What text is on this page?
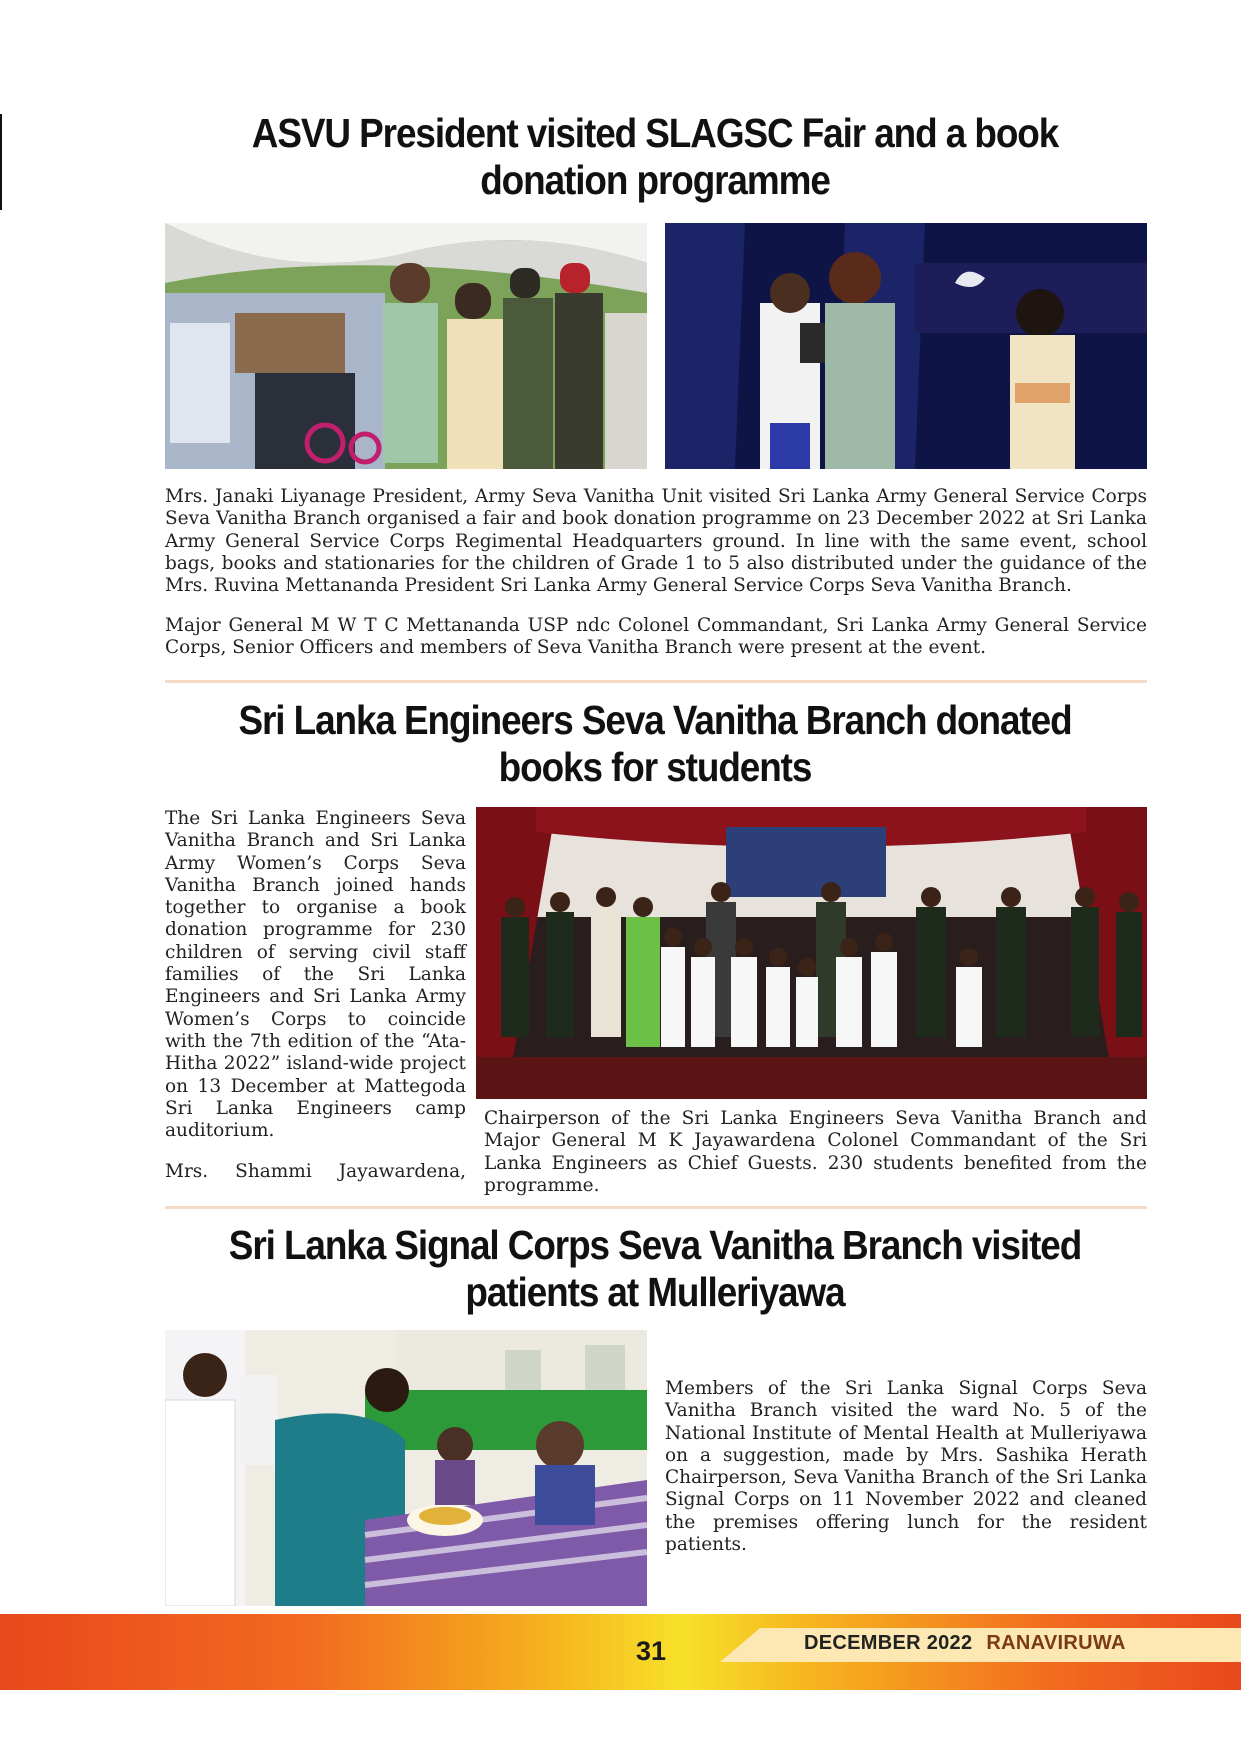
ASVU President visited SLAGSC Fair and a book donation programme

Mrs. Janaki Liyanage President, Army Seva Vanitha Unit visited Sri Lanka Army General Service Corps Seva Vanitha Branch organised a fair and book donation programme on 23 December 2022 at Sri Lanka Army General Service Corps Regimental Headquarters ground. In line with the same event, school bags, books and stationaries for the children of Grade 1 to 5 also distributed under the guidance of the Mrs. Ruvina Mettananda President Sri Lanka Army General Service Corps Seva Vanitha Branch.

Major General M W T C Mettananda USP ndc Colonel Commandant, Sri Lanka Army General Service Corps, Senior Officers and members of Seva Vanitha Branch were present at the event.

Sri Lanka Engineers Seva Vanitha Branch donated books for students

The Sri Lanka Engineers Seva Vanitha Branch and Sri Lanka Army Women’s Corps Seva Vanitha Branch joined hands together to organise a book donation programme for 230 children of serving civil staff families of the Sri Lanka Engineers and Sri Lanka Army Women’s Corps to coincide with the 7th edition of the “Ata-Hitha 2022” island-wide project on 13 December at Mattegoda Sri Lanka Engineers camp auditorium.

Mrs. Shammi Jayawardena,

Chairperson of the Sri Lanka Engineers Seva Vanitha Branch and Major General M K Jayawardena Colonel Commandant of the Sri Lanka Engineers as Chief Guests. 230 students benefited from the programme.

Sri Lanka Signal Corps Seva Vanitha Branch visited patients at Mulleriyawa

Members of the Sri Lanka Signal Corps Seva Vanitha Branch visited the ward No. 5 of the National Institute of Mental Health at Mulleriyawa on a suggestion, made by Mrs. Sashika Herath Chairperson, Seva Vanitha Branch of the Sri Lanka Signal Corps on 11 November 2022 and cleaned the premises offering lunch for the resident patients.

31	DECEMBER 2022 RANAVIRUWA
